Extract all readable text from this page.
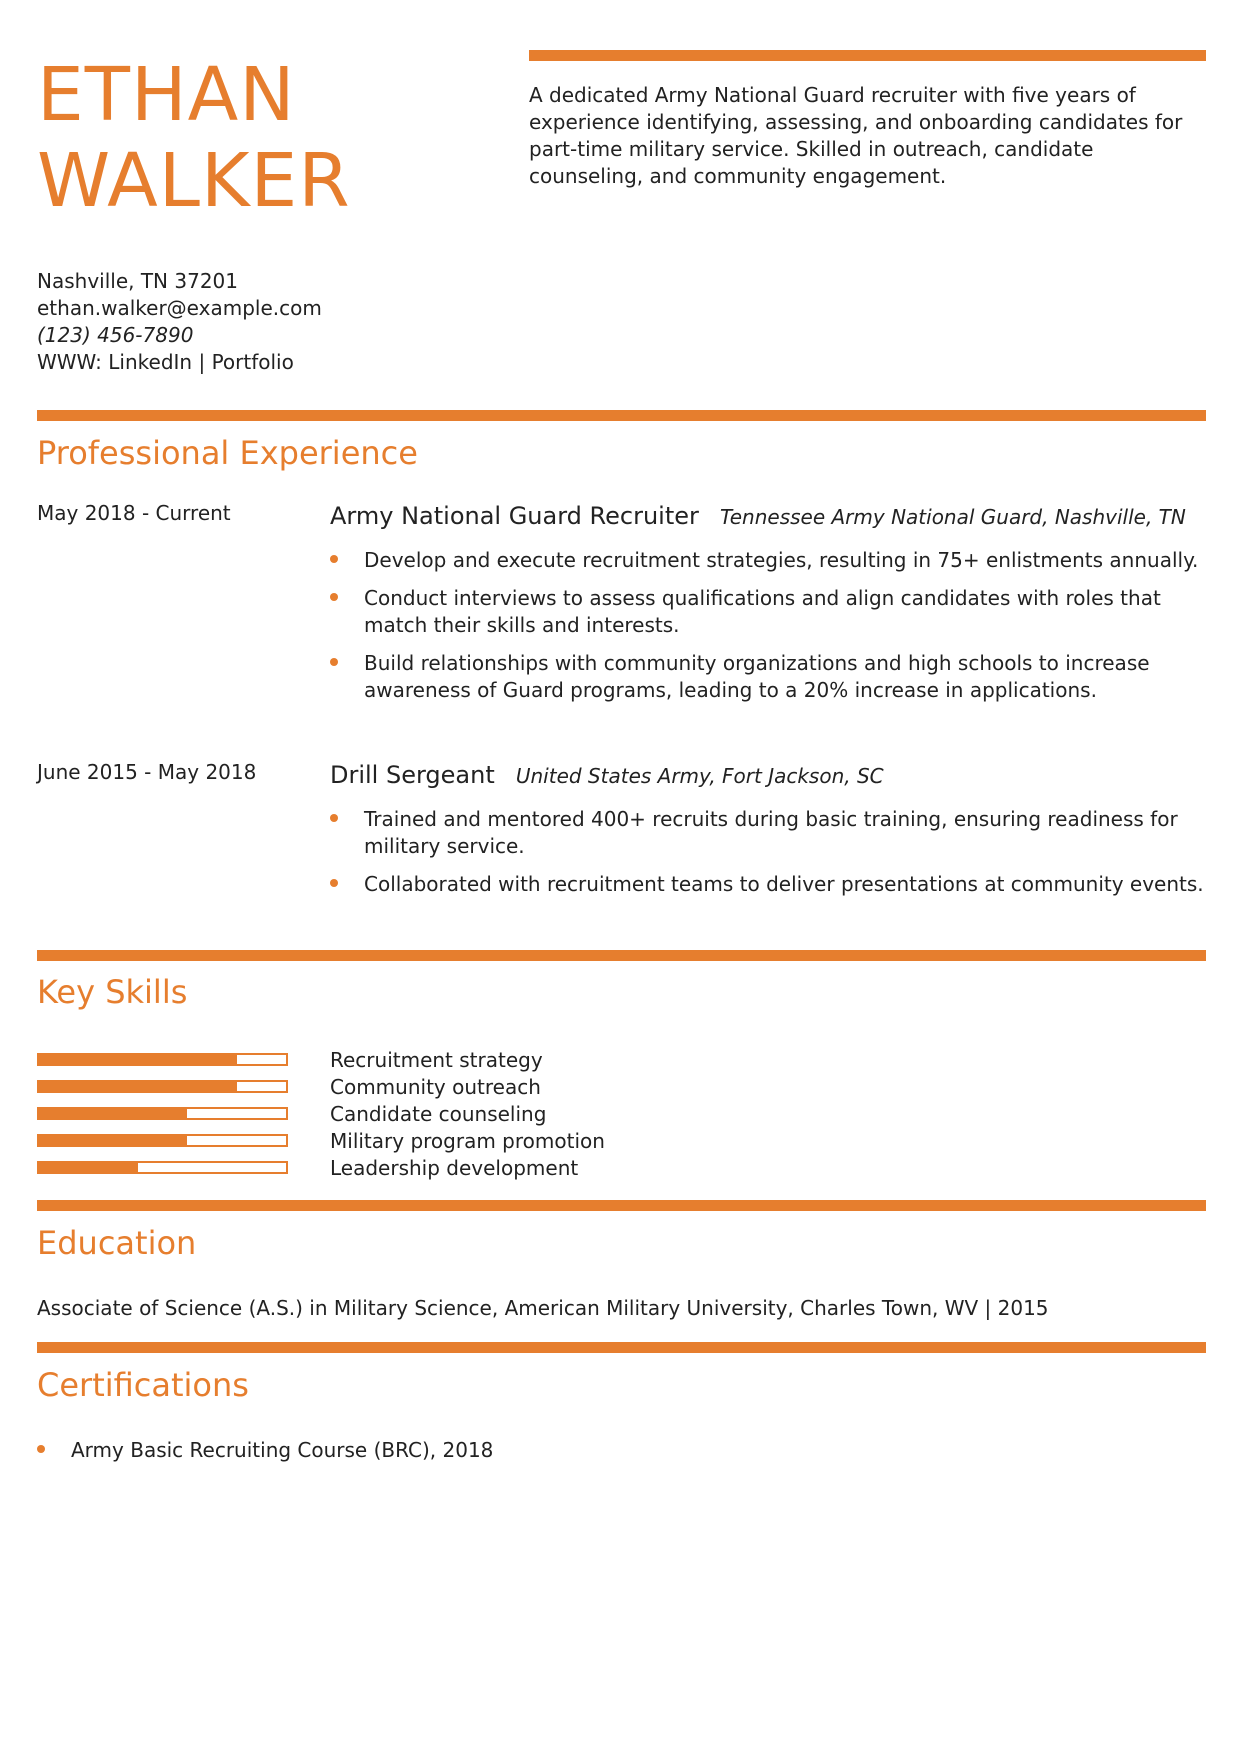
ETHAN
WALKER
A dedicated Army National Guard recruiter with five years of experience identifying, assessing, and onboarding candidates for part-time military service. Skilled in outreach, candidate counseling, and community engagement.
Nashville, TN 37201
ethan.walker@example.com
(123) 456-7890
WWW: LinkedIn | Portfolio
Professional Experience
May 2018 - Current	Army National Guard Recruiter Tennessee Army National Guard, Nashville, TN
Develop and execute recruitment strategies, resulting in 75+ enlistments annually.
Conduct interviews to assess qualifications and align candidates with roles that match their skills and interests.
Build relationships with community organizations and high schools to increase awareness of Guard programs, leading to a 20% increase in applications.
June 2015 - May 2018	Drill Sergeant United States Army, Fort Jackson, SC
Trained and mentored 400+ recruits during basic training, ensuring readiness for military service.
Collaborated with recruitment teams to deliver presentations at community events.
Key Skills
Recruitment strategy
Community outreach
Candidate counseling
Military program promotion
Leadership development
Education
Associate of Science (A.S.) in Military Science, American Military University, Charles Town, WV | 2015
Certifications
Army Basic Recruiting Course (BRC), 2018
